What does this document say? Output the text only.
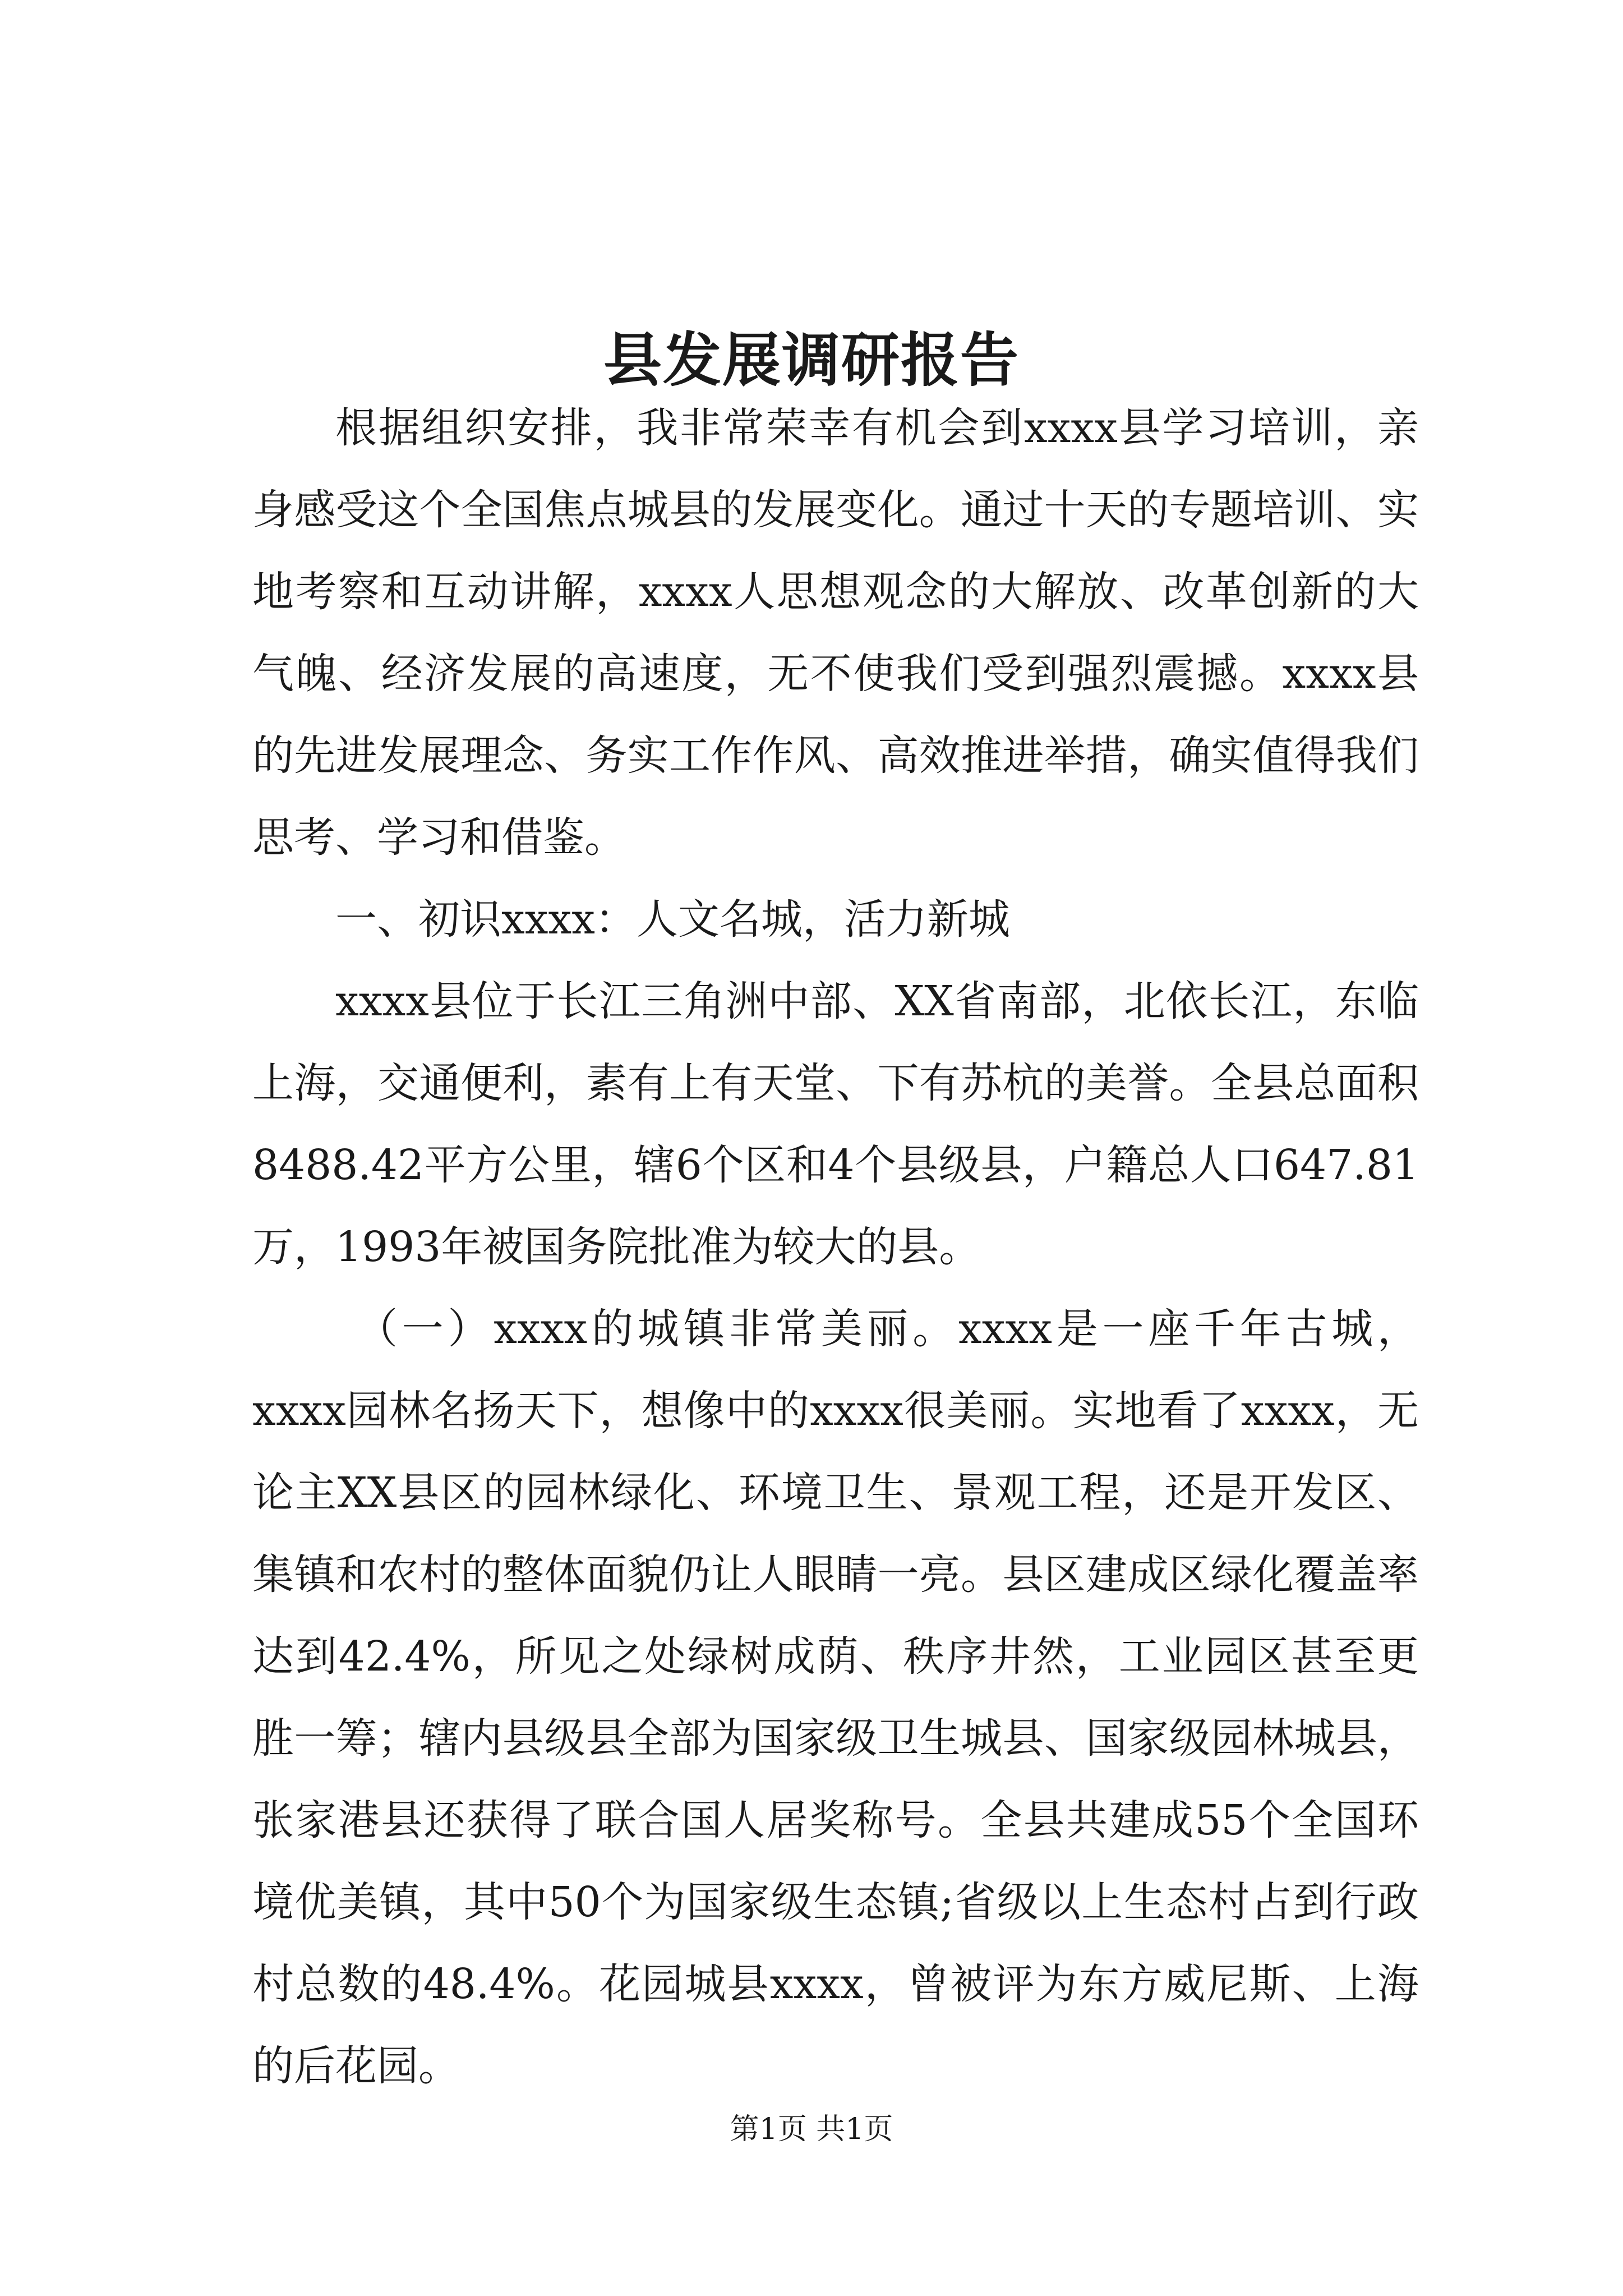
县发展调研报告

根据组织安排，我非常荣幸有机会到xxxx县学习培训，亲身感受这个全国焦点城县的发展变化。通过十天的专题培训、实地考察和互动讲解，xxxx人思想观念的大解放、改革创新的大气魄、经济发展的高速度，无不使我们受到强烈震撼。xxxx县的先进发展理念、务实工作作风、高效推进举措，确实值得我们思考、学习和借鉴。

一、初识xxxx：人文名城，活力新城

xxxx县位于长江三角洲中部、XX省南部，北依长江，东临上海，交通便利，素有上有天堂、下有苏杭的美誉。全县总面积8488.42平方公里，辖6个区和4个县级县，户籍总人口647.81万，1993年被国务院批准为较大的县。

（一）xxxx的城镇非常美丽。xxxx是一座千年古城，xxxx园林名扬天下，想像中的xxxx很美丽。实地看了xxxx，无论主XX县区的园林绿化、环境卫生、景观工程，还是开发区、集镇和农村的整体面貌仍让人眼睛一亮。县区建成区绿化覆盖率达到42.4%，所见之处绿树成荫、秩序井然，工业园区甚至更胜一筹；辖内县级县全部为国家级卫生城县、国家级园林城县，张家港县还获得了联合国人居奖称号。全县共建成55个全国环境优美镇，其中50个为国家级生态镇;省级以上生态村占到行政村总数的48.4%。花园城县xxxx，曾被评为东方威尼斯、上海的后花园。

第1页 共1页
